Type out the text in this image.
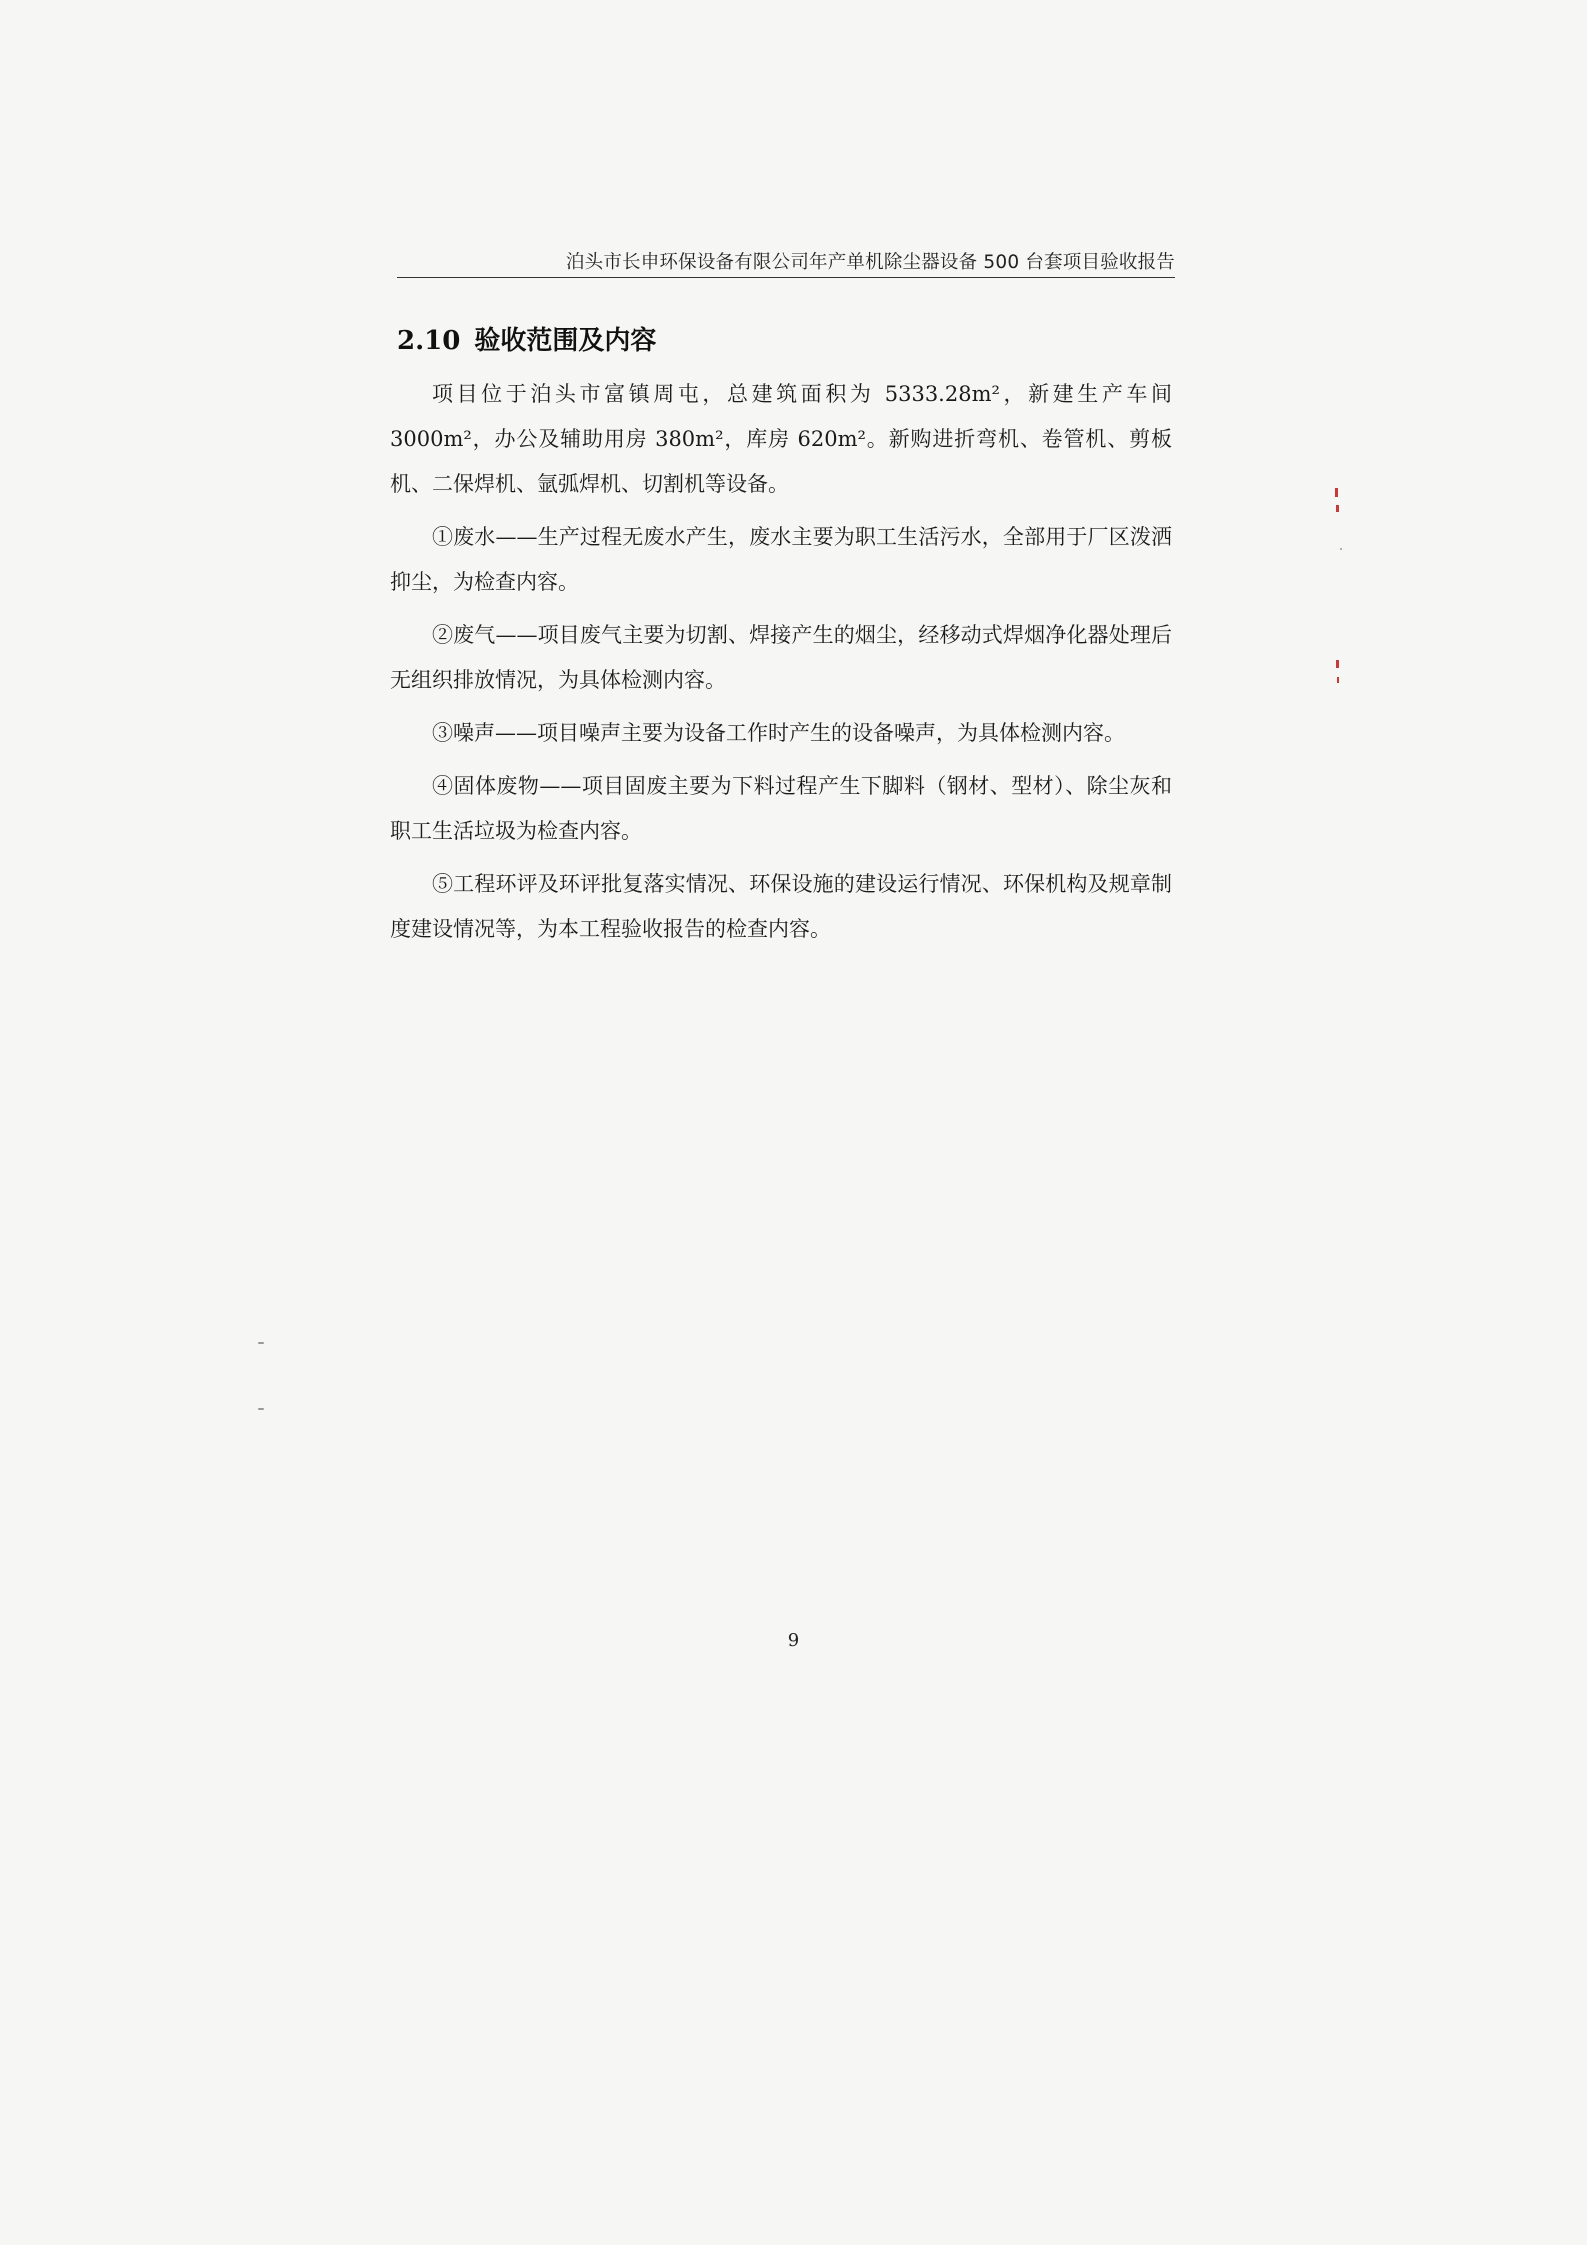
泊头市长申环保设备有限公司年产单机除尘器设备 500 台套项目验收报告
2.10 验收范围及内容

项目位于泊头市富镇周屯，总建筑面积为 5333.28m²，新建生产车间 3000m²，办公及辅助用房 380m²，库房 620m²。新购进折弯机、卷管机、剪板机、二保焊机、氩弧焊机、切割机等设备。

①废水——生产过程无废水产生，废水主要为职工生活污水，全部用于厂区泼洒抑尘，为检查内容。

②废气——项目废气主要为切割、焊接产生的烟尘，经移动式焊烟净化器处理后无组织排放情况，为具体检测内容。

③噪声——项目噪声主要为设备工作时产生的设备噪声，为具体检测内容。

④固体废物——项目固废主要为下料过程产生下脚料（钢材、型材）、除尘灰和职工生活垃圾为检查内容。

⑤工程环评及环评批复落实情况、环保设施的建设运行情况、环保机构及规章制度建设情况等，为本工程验收报告的检查内容。

9
